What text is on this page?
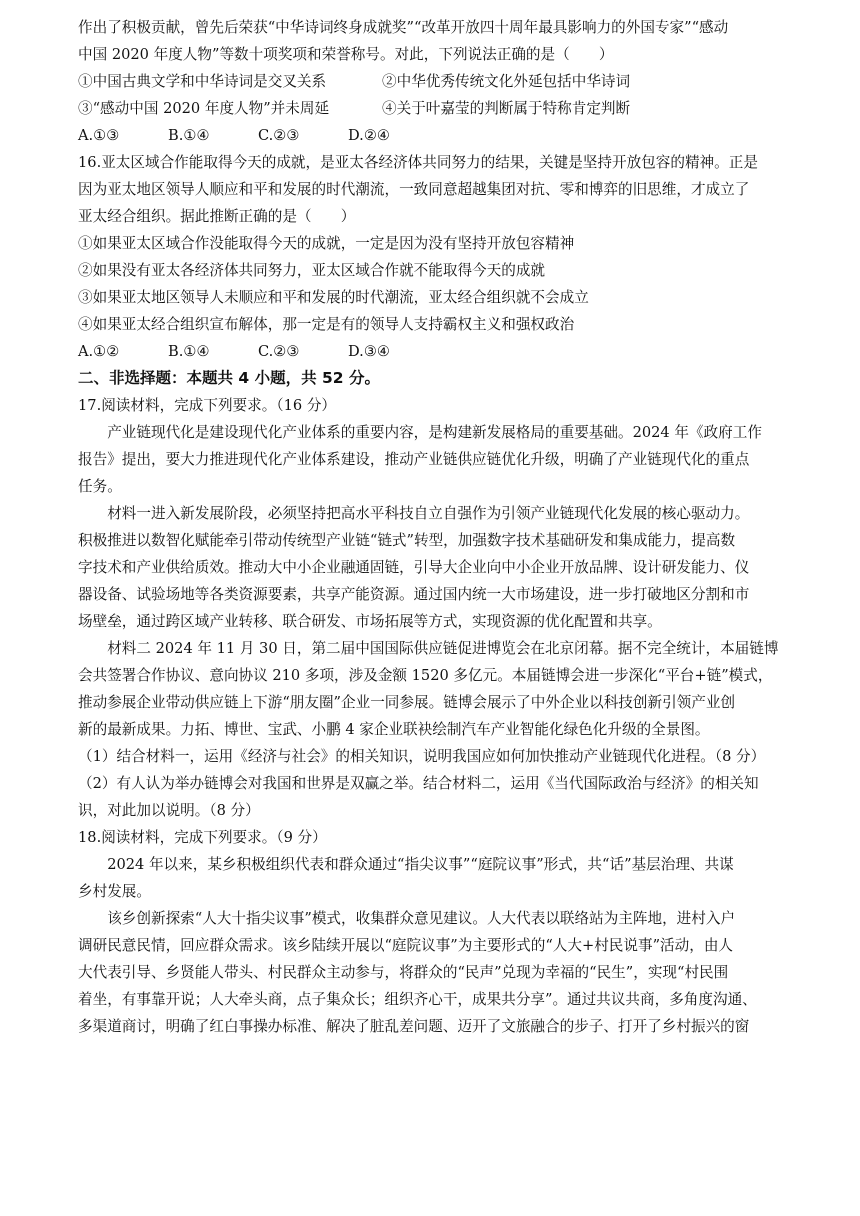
作出了积极贡献，曾先后荣获“中华诗词终身成就奖”“改革开放四十周年最具影响力的外国专家”“感动

中国 2020 年度人物”等数十项奖项和荣誉称号。对此，下列说法正确的是（　　）

①中国古典文学和中华诗词是交叉关系	②中华优秀传统文化外延包括中华诗词

③“感动中国 2020 年度人物”并未周延	④关于叶嘉莹的判断属于特称肯定判断

A.①③	B.①④	C.②③	D.②④

16.亚太区域合作能取得今天的成就，是亚太各经济体共同努力的结果，关键是坚持开放包容的精神。正是

因为亚太地区领导人顺应和平和发展的时代潮流，一致同意超越集团对抗、零和博弈的旧思维，才成立了

亚太经合组织。据此推断正确的是（　　）

①如果亚太区域合作没能取得今天的成就，一定是因为没有坚持开放包容精神

②如果没有亚太各经济体共同努力，亚太区域合作就不能取得今天的成就

③如果亚太地区领导人未顺应和平和发展的时代潮流，亚太经合组织就不会成立

④如果亚太经合组织宣布解体，那一定是有的领导人支持霸权主义和强权政治

A.①②	B.①④	C.②③	D.③④

二、非选择题：本题共 4 小题，共 52 分。

17.阅读材料，完成下列要求。（16 分）

产业链现代化是建设现代化产业体系的重要内容，是构建新发展格局的重要基础。2024 年《政府工作

报告》提出，要大力推进现代化产业体系建设，推动产业链供应链优化升级，明确了产业链现代化的重点

任务。

材料一进入新发展阶段，必须坚持把高水平科技自立自强作为引领产业链现代化发展的核心驱动力。

积极推进以数智化赋能牵引带动传统型产业链“链式”转型，加强数字技术基础研发和集成能力，提高数

字技术和产业供给质效。推动大中小企业融通固链，引导大企业向中小企业开放品牌、设计研发能力、仪

器设备、试验场地等各类资源要素，共享产能资源。通过国内统一大市场建设，进一步打破地区分割和市

场壁垒，通过跨区域产业转移、联合研发、市场拓展等方式，实现资源的优化配置和共享。

材料二 2024 年 11 月 30 日，第二届中国国际供应链促进博览会在北京闭幕。据不完全统计，本届链博

会共签署合作协议、意向协议 210 多项，涉及金额 1520 多亿元。本届链博会进一步深化“平台+链”模式，

推动参展企业带动供应链上下游“朋友圈”企业一同参展。链博会展示了中外企业以科技创新引领产业创

新的最新成果。力拓、博世、宝武、小鹏 4 家企业联袂绘制汽车产业智能化绿色化升级的全景图。

（1）结合材料一，运用《经济与社会》的相关知识，说明我国应如何加快推动产业链现代化进程。（8 分）

（2）有人认为举办链博会对我国和世界是双赢之举。结合材料二，运用《当代国际政治与经济》的相关知

识，对此加以说明。（8 分）

18.阅读材料，完成下列要求。（9 分）

2024 年以来，某乡积极组织代表和群众通过“指尖议事”“庭院议事”形式，共“话”基层治理、共谋

乡村发展。

该乡创新探索“人大十指尖议事”模式，收集群众意见建议。人大代表以联络站为主阵地，进村入户

调研民意民情，回应群众需求。该乡陆续开展以“庭院议事”为主要形式的“人大+村民说事”活动，由人

大代表引导、乡贤能人带头、村民群众主动参与，将群众的“民声”兑现为幸福的“民生”，实现“村民围

着坐，有事靠开说；人大牵头商，点子集众长；组织齐心干，成果共分享”。通过共议共商，多角度沟通、

多渠道商讨，明确了红白事操办标准、解决了脏乱差问题、迈开了文旅融合的步子、打开了乡村振兴的窗
